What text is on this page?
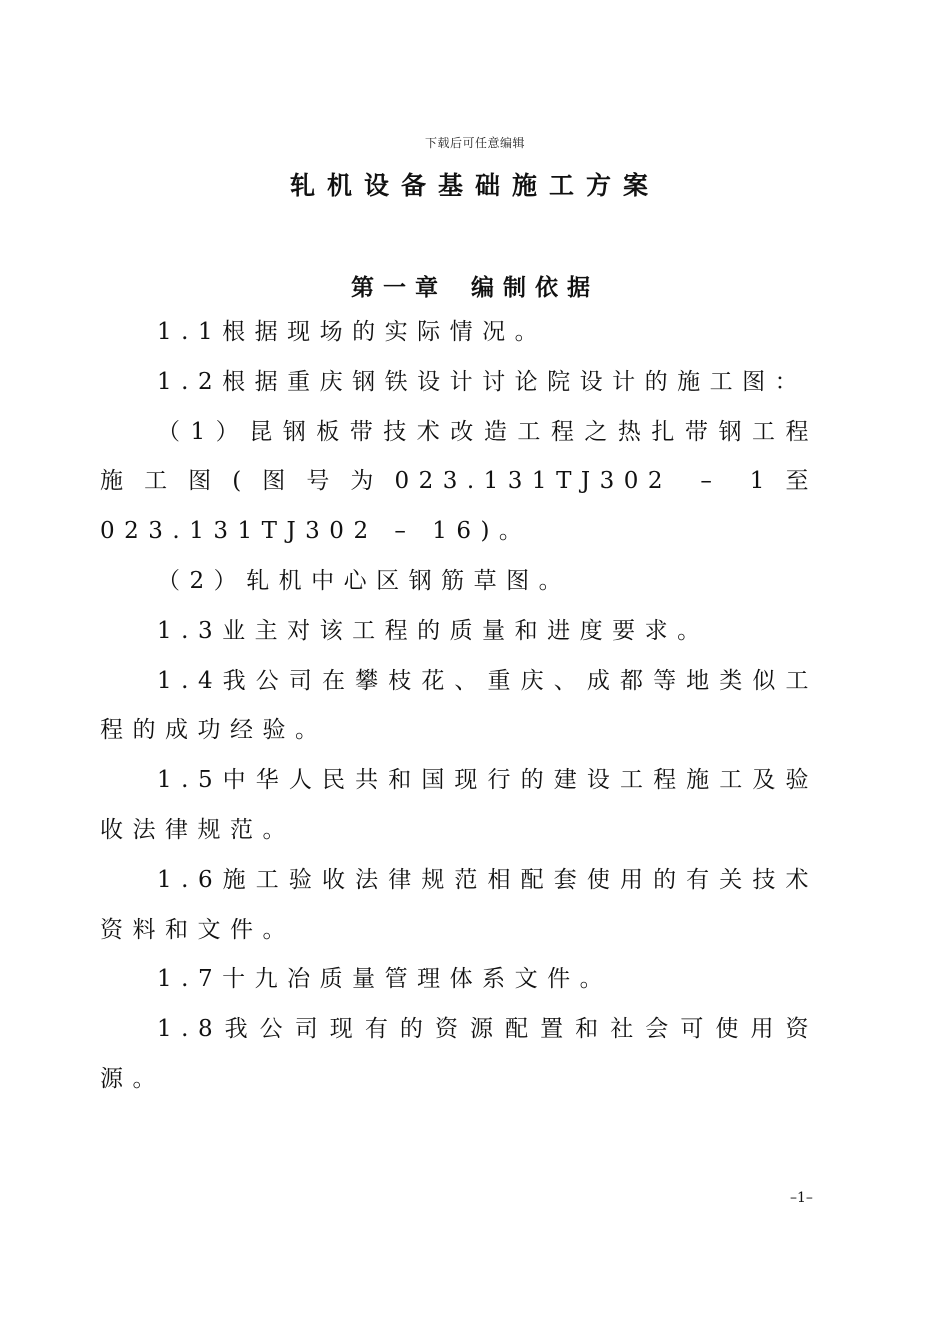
下载后可任意编辑
轧机设备基础施工方案
第一章 编制依据

1.1根据现场的实际情况。

1.2根据重庆钢铁设计讨论院设计的施工图：

（1）昆钢板带技术改造工程之热扎带钢工程施工图(图号为023.131TJ302 – 1至023.131TJ302 – 16)。

（2）轧机中心区钢筋草图。

1.3业主对该工程的质量和进度要求。

1.4我公司在攀枝花、重庆、成都等地类似工程的成功经验。

1.5中华人民共和国现行的建设工程施工及验收法律规范。

1.6施工验收法律规范相配套使用的有关技术资料和文件。

1.7十九冶质量管理体系文件。

1.8我公司现有的资源配置和社会可使用资源。

–1–
